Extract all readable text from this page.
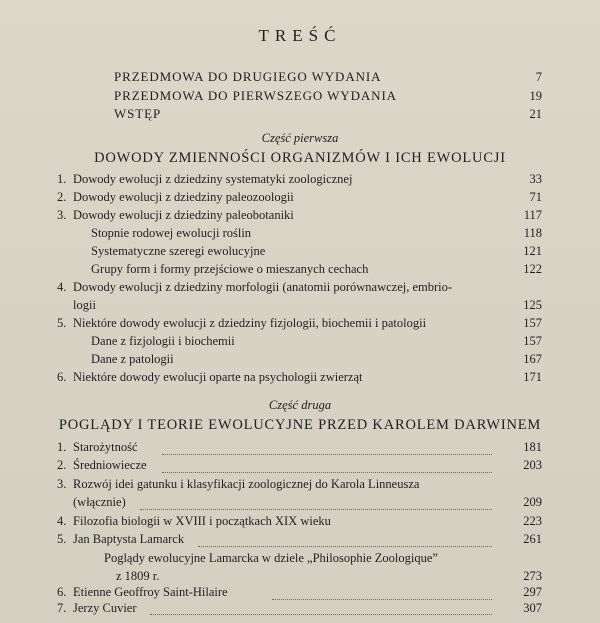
TREŚĆ
PRZEDMOWA DO DRUGIEGO WYDANIA	7
PRZEDMOWA DO PIERWSZEGO WYDANIA	19
WSTĘP	21
Część pierwsza
DOWODY ZMIENNOŚCI ORGANIZMÓW I ICH EWOLUCJI
1. Dowody ewolucji z dziedziny systematyki zoologicznej	33
2. Dowody ewolucji z dziedziny paleozoologii	71
3. Dowody ewolucji z dziedziny paleobotaniki	117
Stopnie rodowej ewolucji roślin	118
Systematyczne szeregi ewolucyjne	121
Grupy form i formy przejściowe o mieszanych cechach	122
4. Dowody ewolucji z dziedziny morfologii (anatomii porównawczej, embrio-
logii	125
5. Niektóre dowody ewolucji z dziedziny fizjologii, biochemii i patologii	157
Dane z fizjologii i biochemii	157
Dane z patologii	167
6. Niektóre dowody ewolucji oparte na psychologii zwierząt	171
Część druga
POGLĄDY I TEORIE EWOLUCYJNE PRZED KAROLEM DARWINEM
1. Starożytność	181
2. Średniowiecze	203
3. Rozwój idei gatunku i klasyfikacji zoologicznej do Karola Linneusza
(włącznie)	209
4. Filozofia biologii w XVIII i początkach XIX wieku	223
5. Jan Baptysta Lamarck	261
Poglądy ewolucyjne Lamarcka w dziele „Philosophie Zoologique”
z 1809 r.	273
6. Etienne Geoffroy Saint-Hilaire	297
7. Jerzy Cuvier	307
